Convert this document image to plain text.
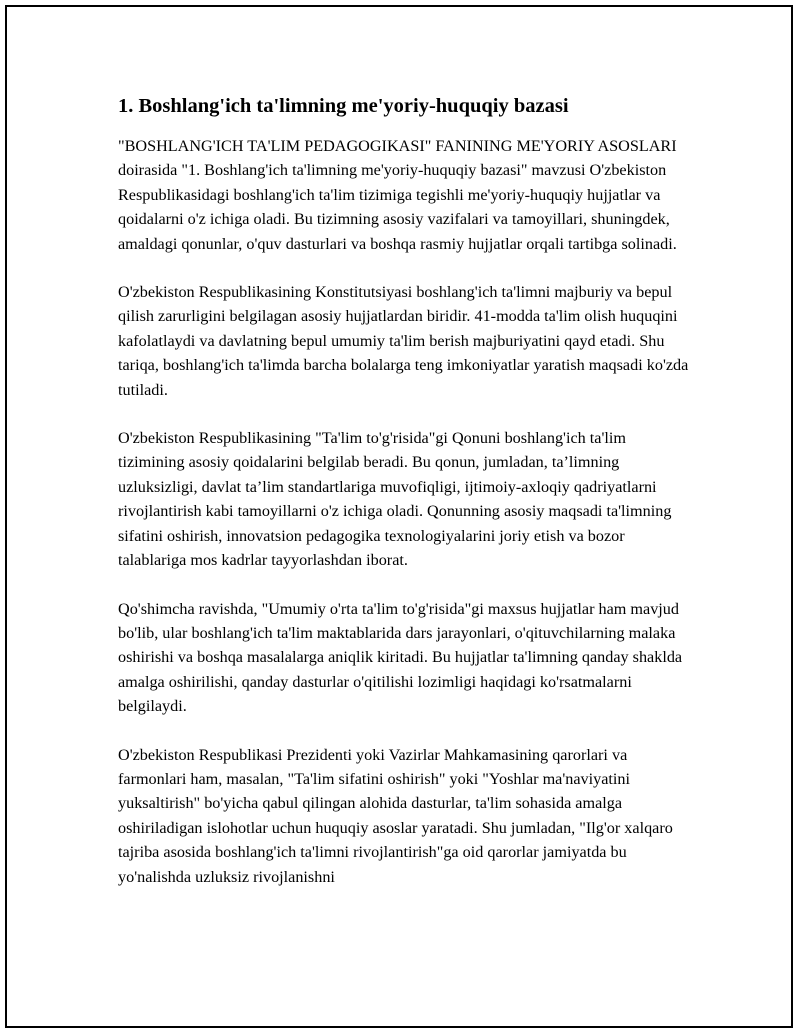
1. Boshlang'ich ta'limning me'yoriy-huquqiy bazasi

"BOSHLANG'ICH TA'LIM PEDAGOGIKASI" FANINING ME'YORIY ASOSLARI doirasida "1. Boshlang'ich ta'limning me'yoriy-huquqiy bazasi" mavzusi O'zbekiston Respublikasidagi boshlang'ich ta'lim tizimiga tegishli me'yoriy-huquqiy hujjatlar va qoidalarni o'z ichiga oladi. Bu tizimning asosiy vazifalari va tamoyillari, shuningdek, amaldagi qonunlar, o'quv dasturlari va boshqa rasmiy hujjatlar orqali tartibga solinadi.

O'zbekiston Respublikasining Konstitutsiyasi boshlang'ich ta'limni majburiy va bepul qilish zarurligini belgilagan asosiy hujjatlardan biridir. 41-modda ta'lim olish huquqini kafolatlaydi va davlatning bepul umumiy ta'lim berish majburiyatini qayd etadi. Shu tariqa, boshlang'ich ta'limda barcha bolalarga teng imkoniyatlar yaratish maqsadi ko'zda tutiladi.

O'zbekiston Respublikasining "Ta'lim to'g'risida"gi Qonuni boshlang'ich ta'lim tizimining asosiy qoidalarini belgilab beradi. Bu qonun, jumladan, ta’limning uzluksizligi, davlat ta’lim standartlariga muvofiqligi, ijtimoiy-axloqiy qadriyatlarni rivojlantirish kabi tamoyillarni o'z ichiga oladi. Qonunning asosiy maqsadi ta'limning sifatini oshirish, innovatsion pedagogika texnologiyalarini joriy etish va bozor talablariga mos kadrlar tayyorlashdan iborat.

Qo'shimcha ravishda, "Umumiy o'rta ta'lim to'g'risida"gi maxsus hujjatlar ham mavjud bo'lib, ular boshlang'ich ta'lim maktablarida dars jarayonlari, o'qituvchilarning malaka oshirishi va boshqa masalalarga aniqlik kiritadi. Bu hujjatlar ta'limning qanday shaklda amalga oshirilishi, qanday dasturlar o'qitilishi lozimligi haqidagi ko'rsatmalarni belgilaydi.

O'zbekiston Respublikasi Prezidenti yoki Vazirlar Mahkamasining qarorlari va farmonlari ham, masalan, "Ta'lim sifatini oshirish" yoki "Yoshlar ma'naviyatini yuksaltirish" bo'yicha qabul qilingan alohida dasturlar, ta'lim sohasida amalga oshiriladigan islohotlar uchun huquqiy asoslar yaratadi. Shu jumladan, "Ilg'or xalqaro tajriba asosida boshlang'ich ta'limni rivojlantirish"ga oid qarorlar jamiyatda bu yo'nalishda uzluksiz rivojlanishni
